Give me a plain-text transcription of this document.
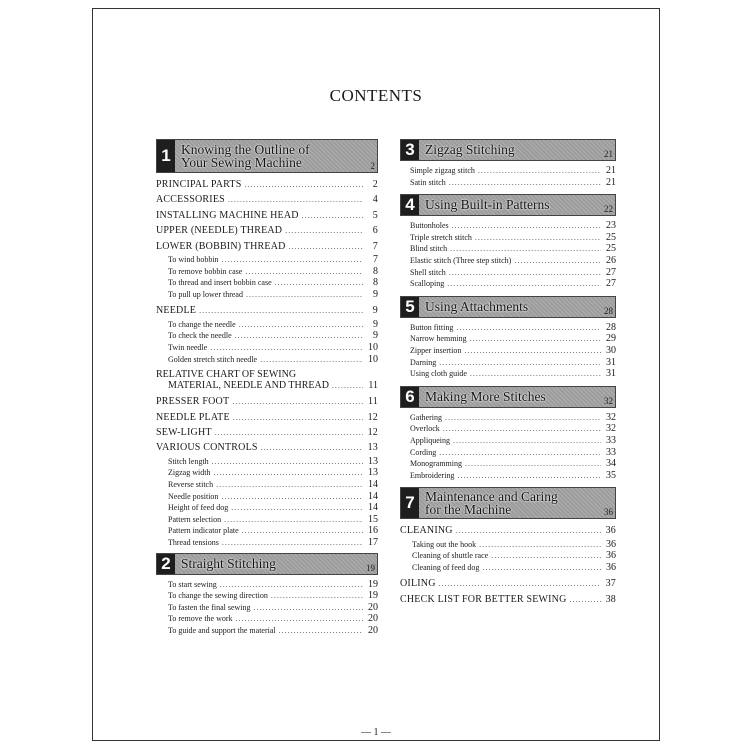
CONTENTS
1 Knowing the Outline of
Your Sewing Machine	2
PRINCIPAL PARTS .....	2
ACCESSORIES .....	4
INSTALLING MACHINE HEAD .....	5
UPPER (NEEDLE) THREAD .....	6
LOWER (BOBBIN) THREAD .....	7
To wind bobbin .....	7
To remove bobbin case .....	8
To thread and insert bobbin case .....	8
To pull up lower thread .....	9
NEEDLE .....	9
To change the needle .....	9
To check the needle .....	9
Twin needle .....	10
Golden stretch stitch needle .....	10
RELATIVE CHART OF SEWING
MATERIAL, NEEDLE AND THREAD .....	11
PRESSER FOOT .....	11
NEEDLE PLATE .....	12
SEW-LIGHT .....	12
VARIOUS CONTROLS .....	13
Stitch length .....	13
Zigzag width .....	13
Reverse stitch .....	14
Needle position .....	14
Height of feed dog .....	14
Pattern selection .....	15
Pattern indicator plate .....	16
Thread tensions .....	17
2 Straight Stitching	19
To start sewing .....	19
To change the sewing direction .....	19
To fasten the final sewing .....	20
To remove the work .....	20
To guide and support the material .....	20
3 Zigzag Stitching	21
Simple zigzag stitch .....	21
Satin stitch .....	21
4 Using Built-in Patterns	22
Buttonholes .....	23
Triple stretch stitch .....	25
Blind stitch .....	25
Elastic stitch (Three step stitch) .....	26
Shell stitch .....	27
Scalloping .....	27
5 Using Attachments	28
Button fitting .....	28
Narrow hemming .....	29
Zipper insertion .....	30
Darning .....	31
Using cloth guide .....	31
6 Making More Stitches	32
Gathering .....	32
Overlock .....	32
Appliqueing .....	33
Cording .....	33
Monogramming .....	34
Embroidering .....	35
7 Maintenance and Caring
for the Machine	36
CLEANING .....	36
Taking out the hook .....	36
Cleaning of shuttle race .....	36
Cleaning of feed dog .....	36
OILING .....	37
CHECK LIST FOR BETTER SEWING .....	38
— 1 —
